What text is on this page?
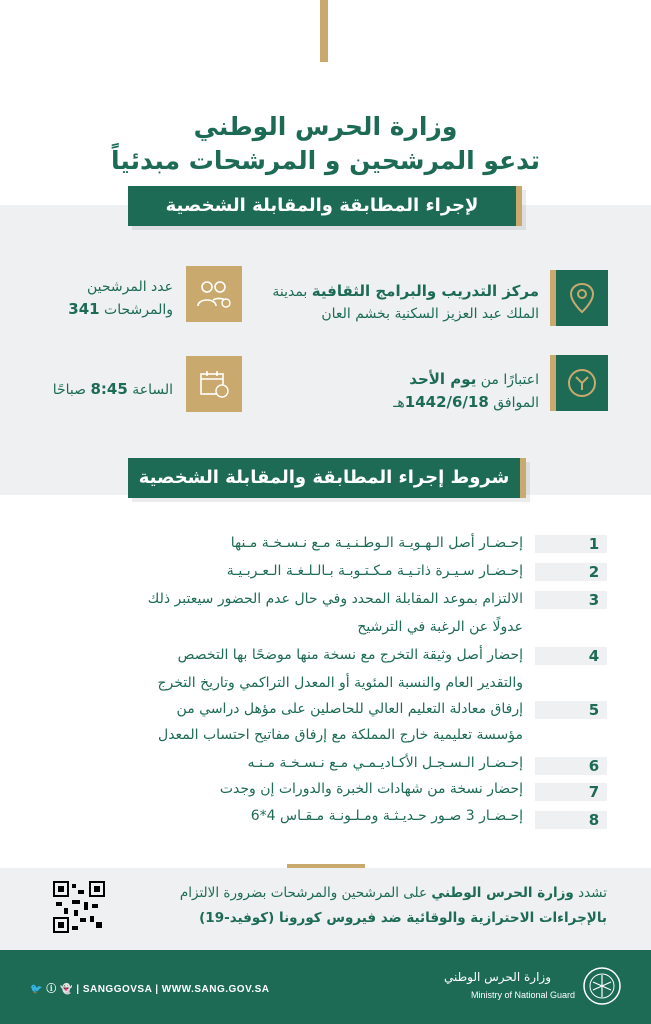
وزارة الحرس الوطني
تدعو المرشحين و المرشحات مبدئياً
لإجراء المطابقة والمقابلة الشخصية
مركز التدريب والبرامج الثقافية بمدينة
الملك عبد العزيز السكنية بخشم العان
عدد المرشحين
والمرشحات 341
اعتبارًا من يوم الأحد
الموافق 1442/6/18هـ
الساعة 8:45 صباحًا
شروط إجراء المطابقة والمقابلة الشخصية
1
إحـضـار أصل الـهـويـة الـوطـنـيـة مـع نـسـخـة مـنها
2
إحـضـار سـيـرة ذاتـيـة مـكـتـوبـة بـالـلـغـة الـعـربـيـة
3
الالتزام بموعد المقابلة المحدد وفي حال عدم الحضور سيعتبر ذلك
عدولًا عن الرغبة في الترشيح
4
إحضار أصل وثيقة التخرج مع نسخة منها موضحًا بها التخصص
والتقدير العام والنسبة المئوية أو المعدل التراكمي وتاريخ التخرج
5
إرفاق معادلة التعليم العالي للحاصلين على مؤهل دراسي من
مؤسسة تعليمية خارج المملكة مع إرفاق مفاتيح احتساب المعدل
6
إحـضـار الـسـجـل الأكـاديـمـي مـع نـسـخـة مـنـه
7
إحضار نسخة من شهادات الخبرة والدورات إن وجدت
8
إحـضـار 3 صـور حـديـثـة ومـلـونـة مـقـاس 4*6
تشدد وزارة الحرس الوطني على المرشحين والمرشحات بضرورة الالتزام
بالإجراءات الاحترازية والوقائية ضد فيروس كورونا (كوفيد-19)
🐦 ⓘ 👻 | SANGGOVSA | WWW.SANG.GOV.SA
وزارة الحرس الوطني
Ministry of National Guard
